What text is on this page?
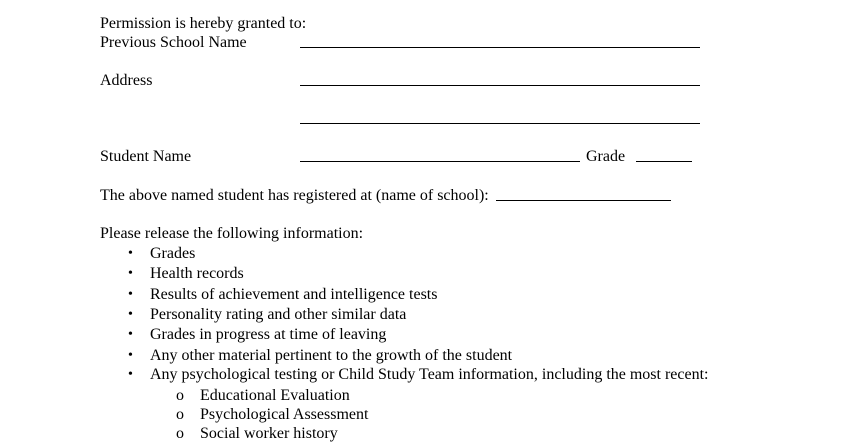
Permission is hereby granted to:
Previous School Name
Address
Student Name	Grade
The above named student has registered at (name of school):
Please release the following information:
• Grades
• Health records
• Results of achievement and intelligence tests
• Personality rating and other similar data
• Grades in progress at time of leaving
• Any other material pertinent to the growth of the student
• Any psychological testing or Child Study Team information, including the most recent:
o Educational Evaluation
o Psychological Assessment
o Social worker history
